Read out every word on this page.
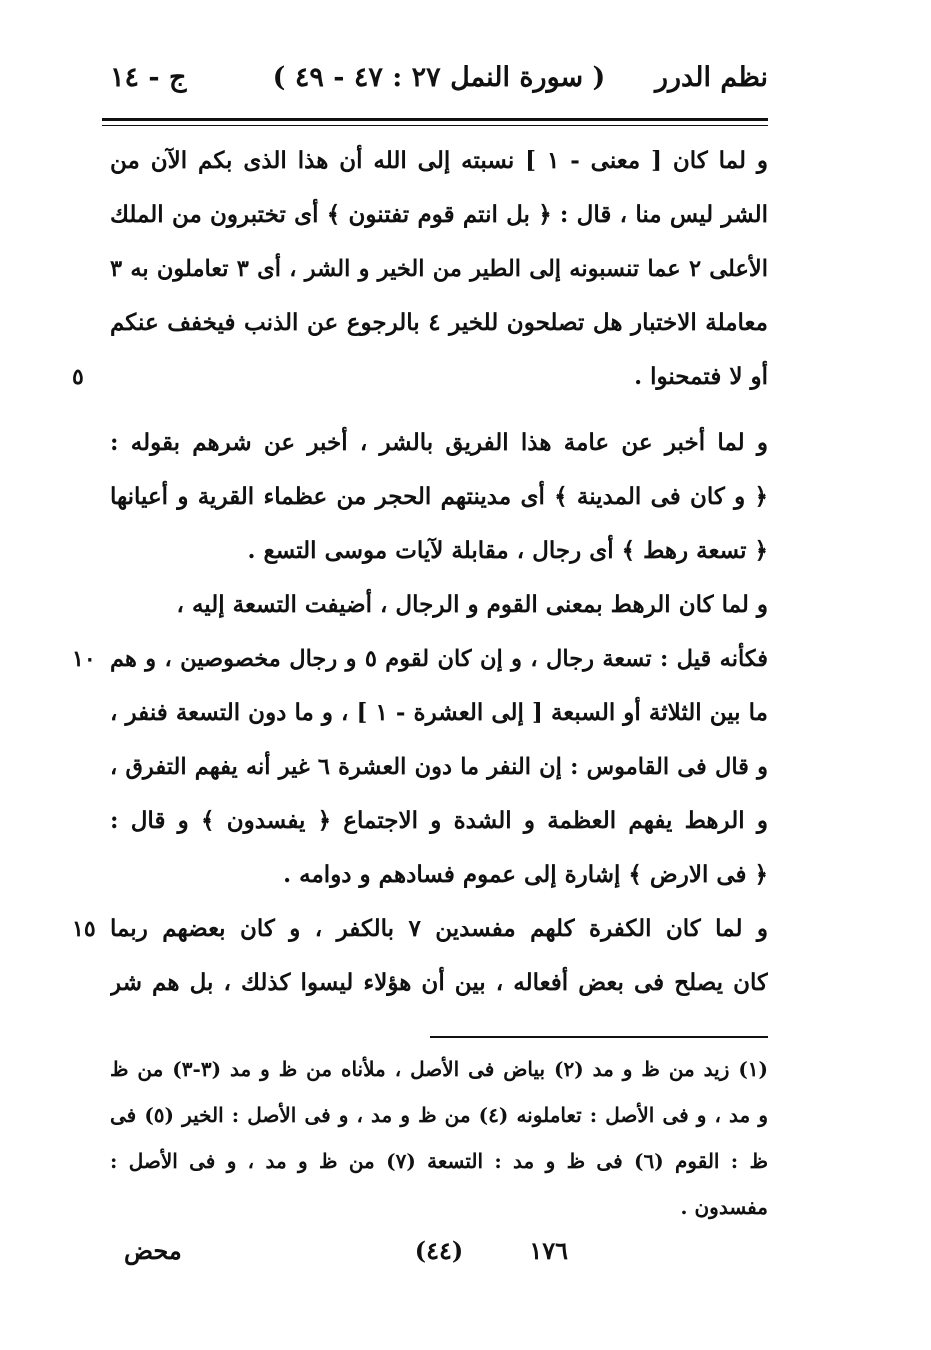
نظم الدرر
( سورة النمل ٢٧ : ٤٧ - ٤٩ )
ج - ١٤
و لما كان [ معنى - ١ ] نسبته إلى الله أن هذا الذى بكم الآن من
الشر ليس منا ، قال : ﴿ بل انتم قوم تفتنون ﴾ أى تختبرون من الملك
الأعلى ٢ عما تنسبونه إلى الطير من الخير و الشر ، أى ٣ تعاملون به ٣
معاملة الاختبار هل تصلحون للخير ٤ بالرجوع عن الذنب فيخفف عنكم
٥	أو لا فتمحنوا .
و لما أخبر عن عامة هذا الفريق بالشر ، أخبر عن شرهم بقوله :
﴿ و كان فى المدينة ﴾ أى مدينتهم الحجر من عظماء القرية و أعيانها
﴿ تسعة رهط ﴾ أى رجال ، مقابلة لآيات موسى التسع .
و لما كان الرهط بمعنى القوم و الرجال ، أضيفت التسعة إليه ،
١٠ فكأنه قيل : تسعة رجال ، و إن كان لقوم ٥ و رجال مخصوصين ، و هم
ما بين الثلاثة أو السبعة [ إلى العشرة - ١ ] ، و ما دون التسعة فنفر ،
و قال فى القاموس : إن النفر ما دون العشرة ٦ غير أنه يفهم التفرق ،
و الرهط يفهم العظمة و الشدة و الاجتماع ﴿ يفسدون ﴾ و قال :
﴿ فى الارض ﴾ إشارة إلى عموم فسادهم و دوامه .
١٥ و لما كان الكفرة كلهم مفسدين ٧ بالكفر ، و كان بعضهم ربما
كان يصلح فى بعض أفعاله ، بين أن هؤلاء ليسوا كذلك ، بل هم شر
(١) زيد من ظ و مد (٢) بياض فى الأصل ، ملأناه من ظ و مد (٣-٣) من ظ
و مد ، و فى الأصل : تعاملونه (٤) من ظ و مد ، و فى الأصل : الخير (٥) فى
ظ : القوم (٦) فى ظ و مد : التسعة (٧) من ظ و مد ، و فى الأصل :
مفسدون .
١٧٦
(٤٤)
محض
